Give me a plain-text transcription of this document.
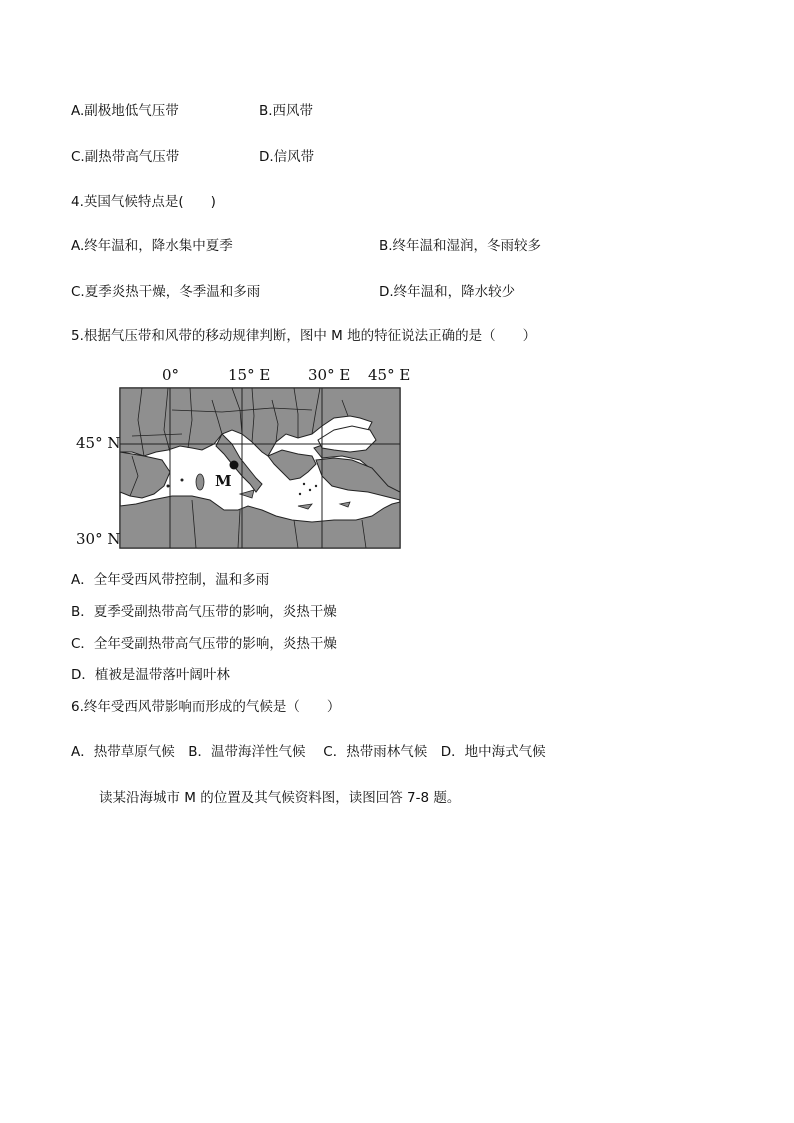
A.副极地低气压带	B.西风带
C.副热带高气压带	D.信风带
4.英国气候特点是(　　)
A.终年温和，降水集中夏季	B.终年温和湿润，冬雨较多
C.夏季炎热干燥，冬季温和多雨	D.终年温和，降水较少
5.根据气压带和风带的移动规律判断，图中 M 地的特征说法正确的是（　　）
M
0°	15° E	30° E 45° E
45° N
30° N
A．全年受西风带控制，温和多雨
B．夏季受副热带高气压带的影响，炎热干燥
C．全年受副热带高气压带的影响，炎热干燥
D．植被是温带落叶阔叶林
6.终年受西风带影响而形成的气候是（　　）
A．热带草原气候　B．温带海洋性气候　 C．热带雨林气候　D．地中海式气候
读某沿海城市 M 的位置及其气候资料图，读图回答 7-8 题。
